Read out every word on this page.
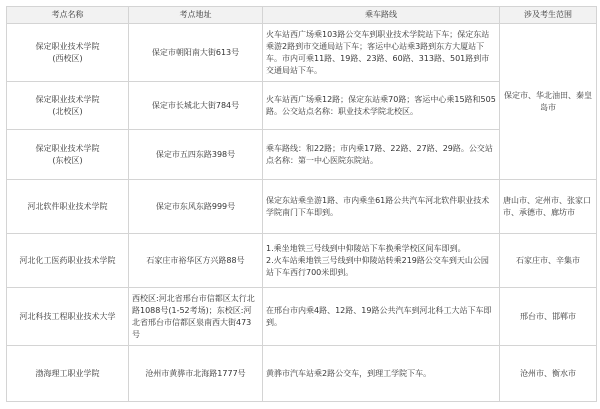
考点名称	考点地址	乘车路线	涉及考生范围

保定职业技术学院
(西校区)	保定市朝阳南大街613号	火车站西广场乘103路公交车到职业技术学院站下车；保定东站乘游2路到市交通局站下车；客运中心站乘3路到东方大厦站下车。市内可乘11路、19路、23路、60路、313路、501路到市交通局站下车。	保定市、华北油田、秦皇岛市

保定职业技术学院
(北校区)	保定市长城北大街784号	火车站西广场乘12路；保定东站乘70路；客运中心乘15路和505路。公交站点名称：职业技术学院北校区。	

保定职业技术学院
(东校区)	保定市五四东路398号	乘车路线：和22路；市内乘17路、22路、27路、29路。公交站点名称：第一中心医院东院站。	
河北软件职业技术学院	保定市东风东路999号	保定东站乘坐游1路、市内乘坐61路公共汽车河北软件职业技术学院南门下车即到。	唐山市、定州市、张家口市、承德市、廊坊市
河北化工医药职业技术学院	石家庄市裕华区方兴路88号	1.乘坐地铁三号线到中仰陵站下车换乘学校区间车即到。
2.火车站乘地铁三号线到中仰陵站转乘219路公交车到天山公园站下车西行700米即到。	石家庄市、辛集市
河北科技工程职业技术大学	西校区:河北省邢台市信都区太行北路1088号(1-52考场)；东校区:河北省邢台市信都区泉南西大街473号	在邢台市内乘4路、12路、19路公共汽车到河北科工大站下车即到。	邢台市、邯郸市
渤海理工职业学院	沧州市黄骅市北海路1777号	黄骅市汽车站乘2路公交车，到理工学院下车。	沧州市、衡水市
